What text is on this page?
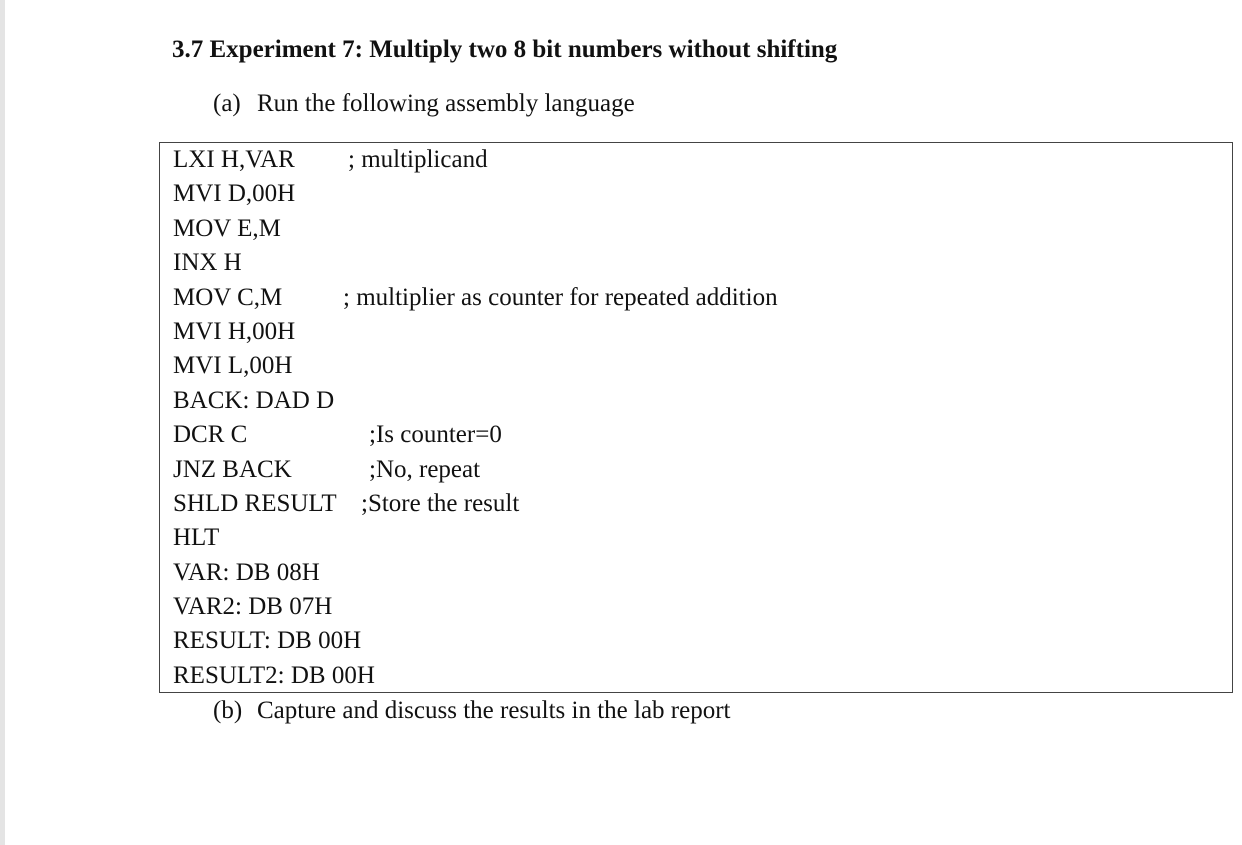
3.7 Experiment 7: Multiply two 8 bit numbers without shifting
(a) Run the following assembly language
LXI H,VAR ; multiplicand
MVI D,00H
MOV E,M
INX H
MOV C,M ; multiplier as counter for repeated addition
MVI H,00H
MVI L,00H
BACK: DAD D
DCR C	;Is counter=0
JNZ BACK	;No, repeat
SHLD RESULT ;Store the result
HLT
VAR: DB 08H
VAR2: DB 07H
RESULT: DB 00H
RESULT2: DB 00H
(b) Capture and discuss the results in the lab report
